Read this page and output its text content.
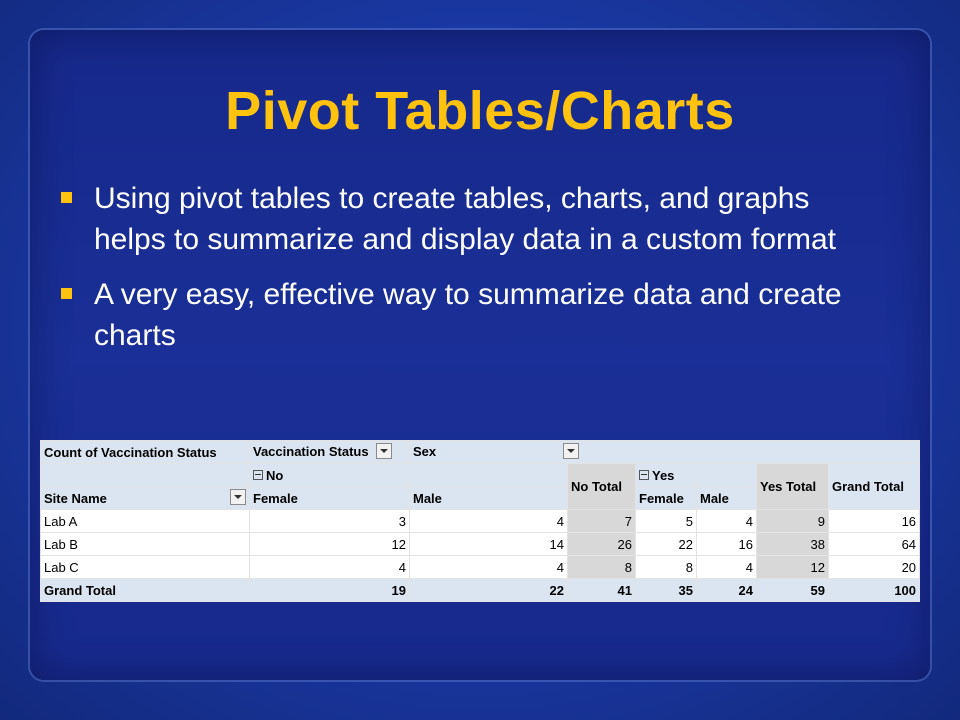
Pivot Tables/Charts
Using pivot tables to create tables, charts, and graphs helps to summarize and display data in a custom format
A very easy, effective way to summarize data and create charts
Count of Vaccination Status	Vaccination Status	Sex					
	No		No Total	Yes		Yes Total	Grand Total

Site Name	Female	Male		Female	Male		
Lab A	3	4	7	5	4	9	16
Lab B	12	14	26	22	16	38	64
Lab C	4	4	8	8	4	12	20
Grand Total	19	22	41	35	24	59	100
